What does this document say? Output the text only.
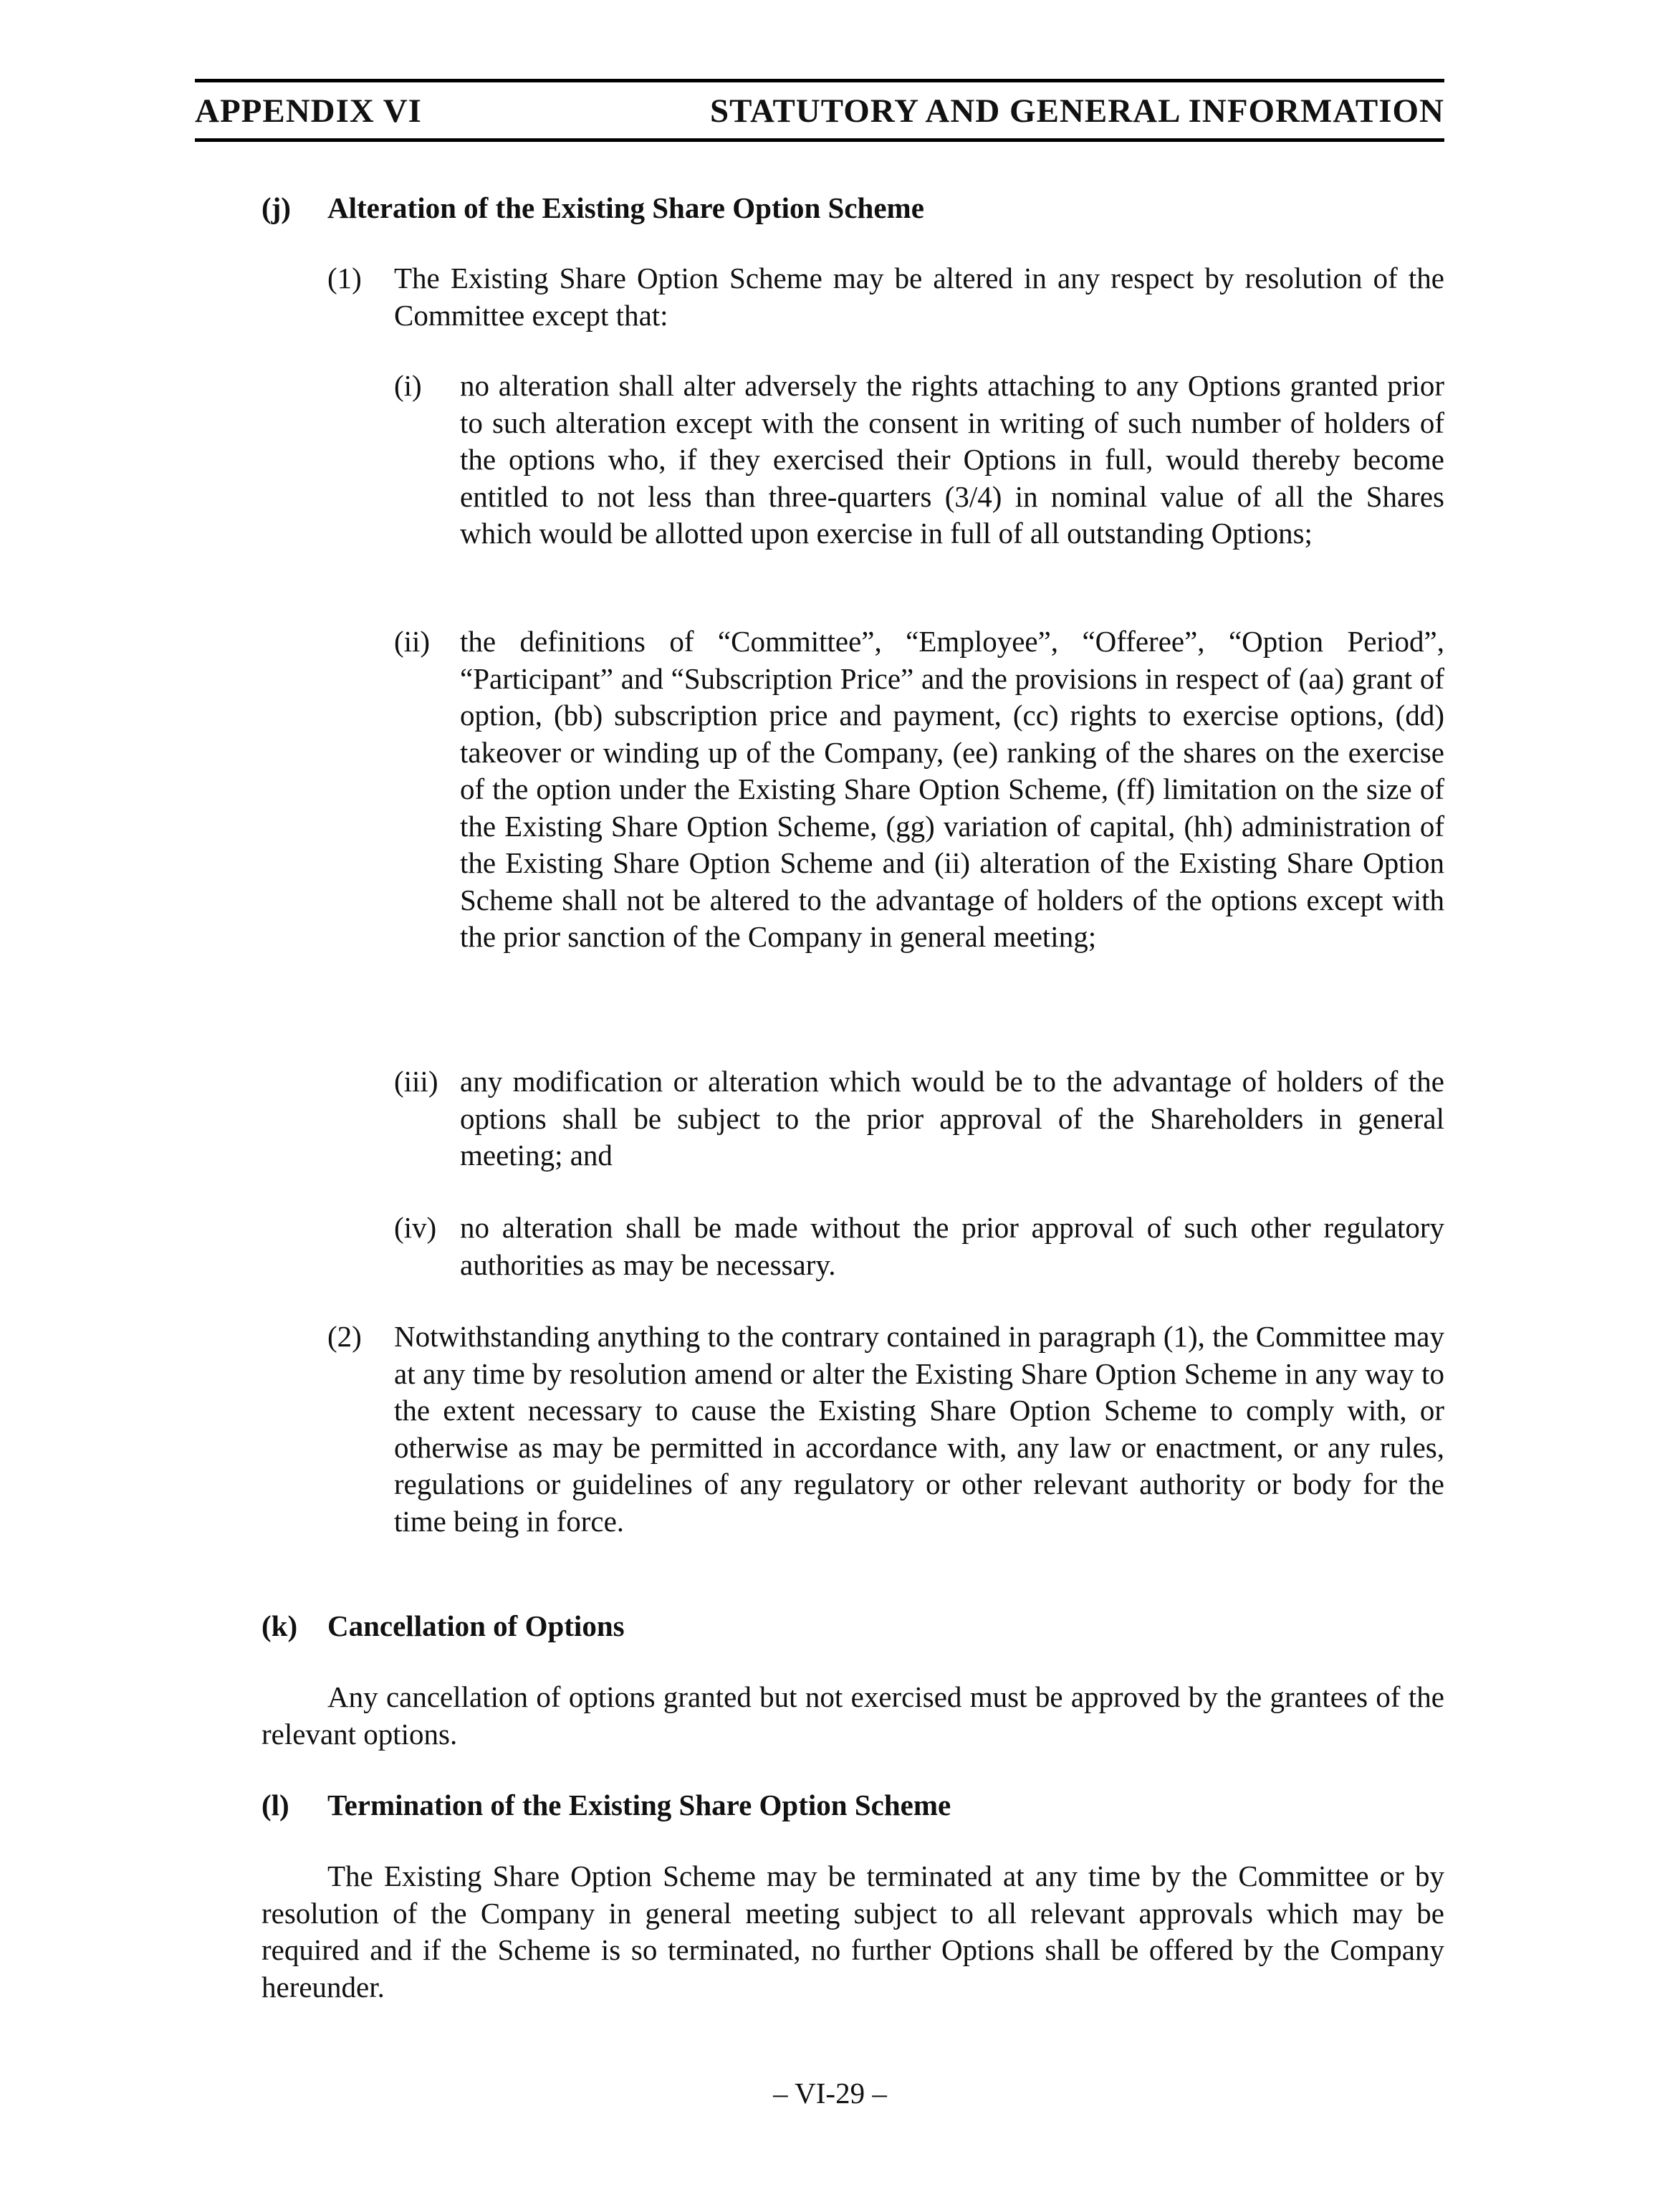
APPENDIX VI	STATUTORY AND GENERAL INFORMATION
(j) Alteration of the Existing Share Option Scheme
(1) The Existing Share Option Scheme may be altered in any respect by resolution of the Committee except that:
(i) no alteration shall alter adversely the rights attaching to any Options granted prior to such alteration except with the consent in writing of such number of holders of the options who, if they exercised their Options in full, would thereby become entitled to not less than three-quarters (3/4) in nominal value of all the Shares which would be allotted upon exercise in full of all outstanding Options;
(ii) the definitions of “Committee”, “Employee”, “Offeree”, “Option Period”, “Participant” and “Subscription Price” and the provisions in respect of (aa) grant of option, (bb) subscription price and payment, (cc) rights to exercise options, (dd) takeover or winding up of the Company, (ee) ranking of the shares on the exercise of the option under the Existing Share Option Scheme, (ff) limitation on the size of the Existing Share Option Scheme, (gg) variation of capital, (hh) administration of the Existing Share Option Scheme and (ii) alteration of the Existing Share Option Scheme shall not be altered to the advantage of holders of the options except with the prior sanction of the Company in general meeting;
(iii) any modification or alteration which would be to the advantage of holders of the options shall be subject to the prior approval of the Shareholders in general meeting; and
(iv) no alteration shall be made without the prior approval of such other regulatory authorities as may be necessary.
(2) Notwithstanding anything to the contrary contained in paragraph (1), the Committee may at any time by resolution amend or alter the Existing Share Option Scheme in any way to the extent necessary to cause the Existing Share Option Scheme to comply with, or otherwise as may be permitted in accordance with, any law or enactment, or any rules, regulations or guidelines of any regulatory or other relevant authority or body for the time being in force.
(k) Cancellation of Options
Any cancellation of options granted but not exercised must be approved by the grantees of the relevant options.
(l) Termination of the Existing Share Option Scheme
The Existing Share Option Scheme may be terminated at any time by the Committee or by resolution of the Company in general meeting subject to all relevant approvals which may be required and if the Scheme is so terminated, no further Options shall be offered by the Company hereunder.
– VI-29 –
